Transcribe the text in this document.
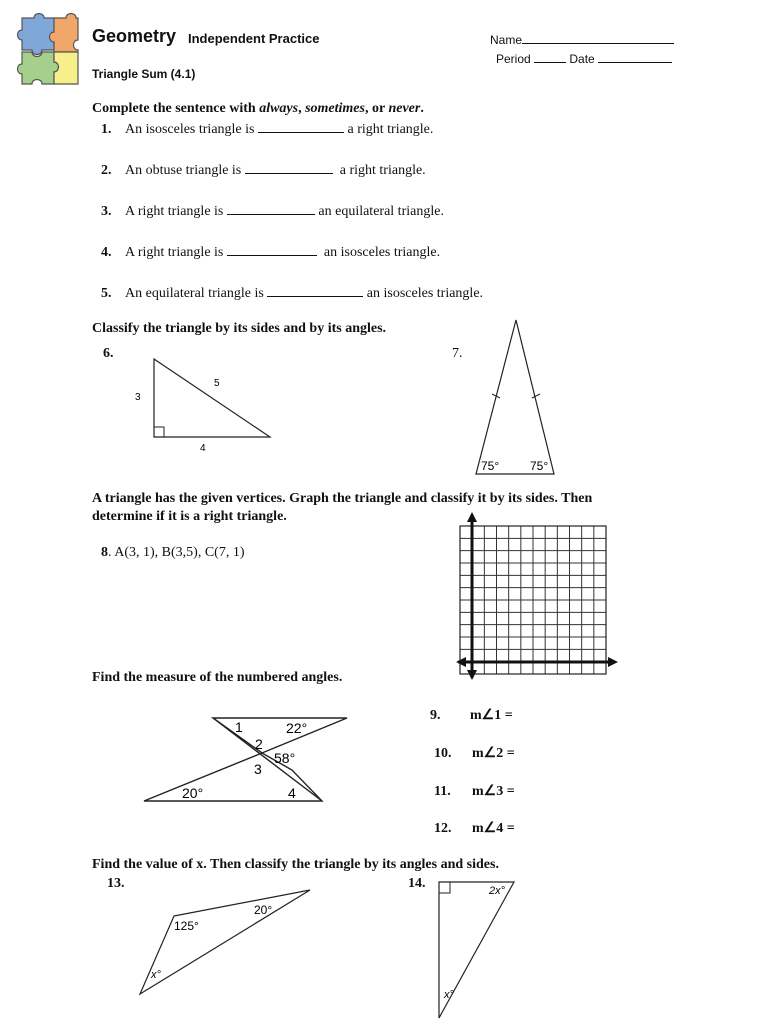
Geometry Independent Practice
Triangle Sum (4.1)
Name
Period	Date
Complete the sentence with always, sometimes, or never.
1. An isosceles triangle is	a right triangle.
2. An obtuse triangle is	a right triangle.
3. A right triangle is	an equilateral triangle.
4. A right triangle is	an isosceles triangle.
5. An equilateral triangle is	an isosceles triangle.
Classify the triangle by its sides and by its angles.
6.	7.
5
3
4
75°	75°
A triangle has the given vertices. Graph the triangle and classify it by its sides. Then
determine if it is a right triangle.
8. A(3, 1), B(3,5), C(7, 1)
Find the measure of the numbered angles.
1	22°
2
58°
3
20°	4
9. m∠1 =
10. m∠2 =
11. m∠3 =
12. m∠4 =
Find the value of x. Then classify the triangle by its angles and sides.
13.	14.
125°
20°
x°
2x°
x°
